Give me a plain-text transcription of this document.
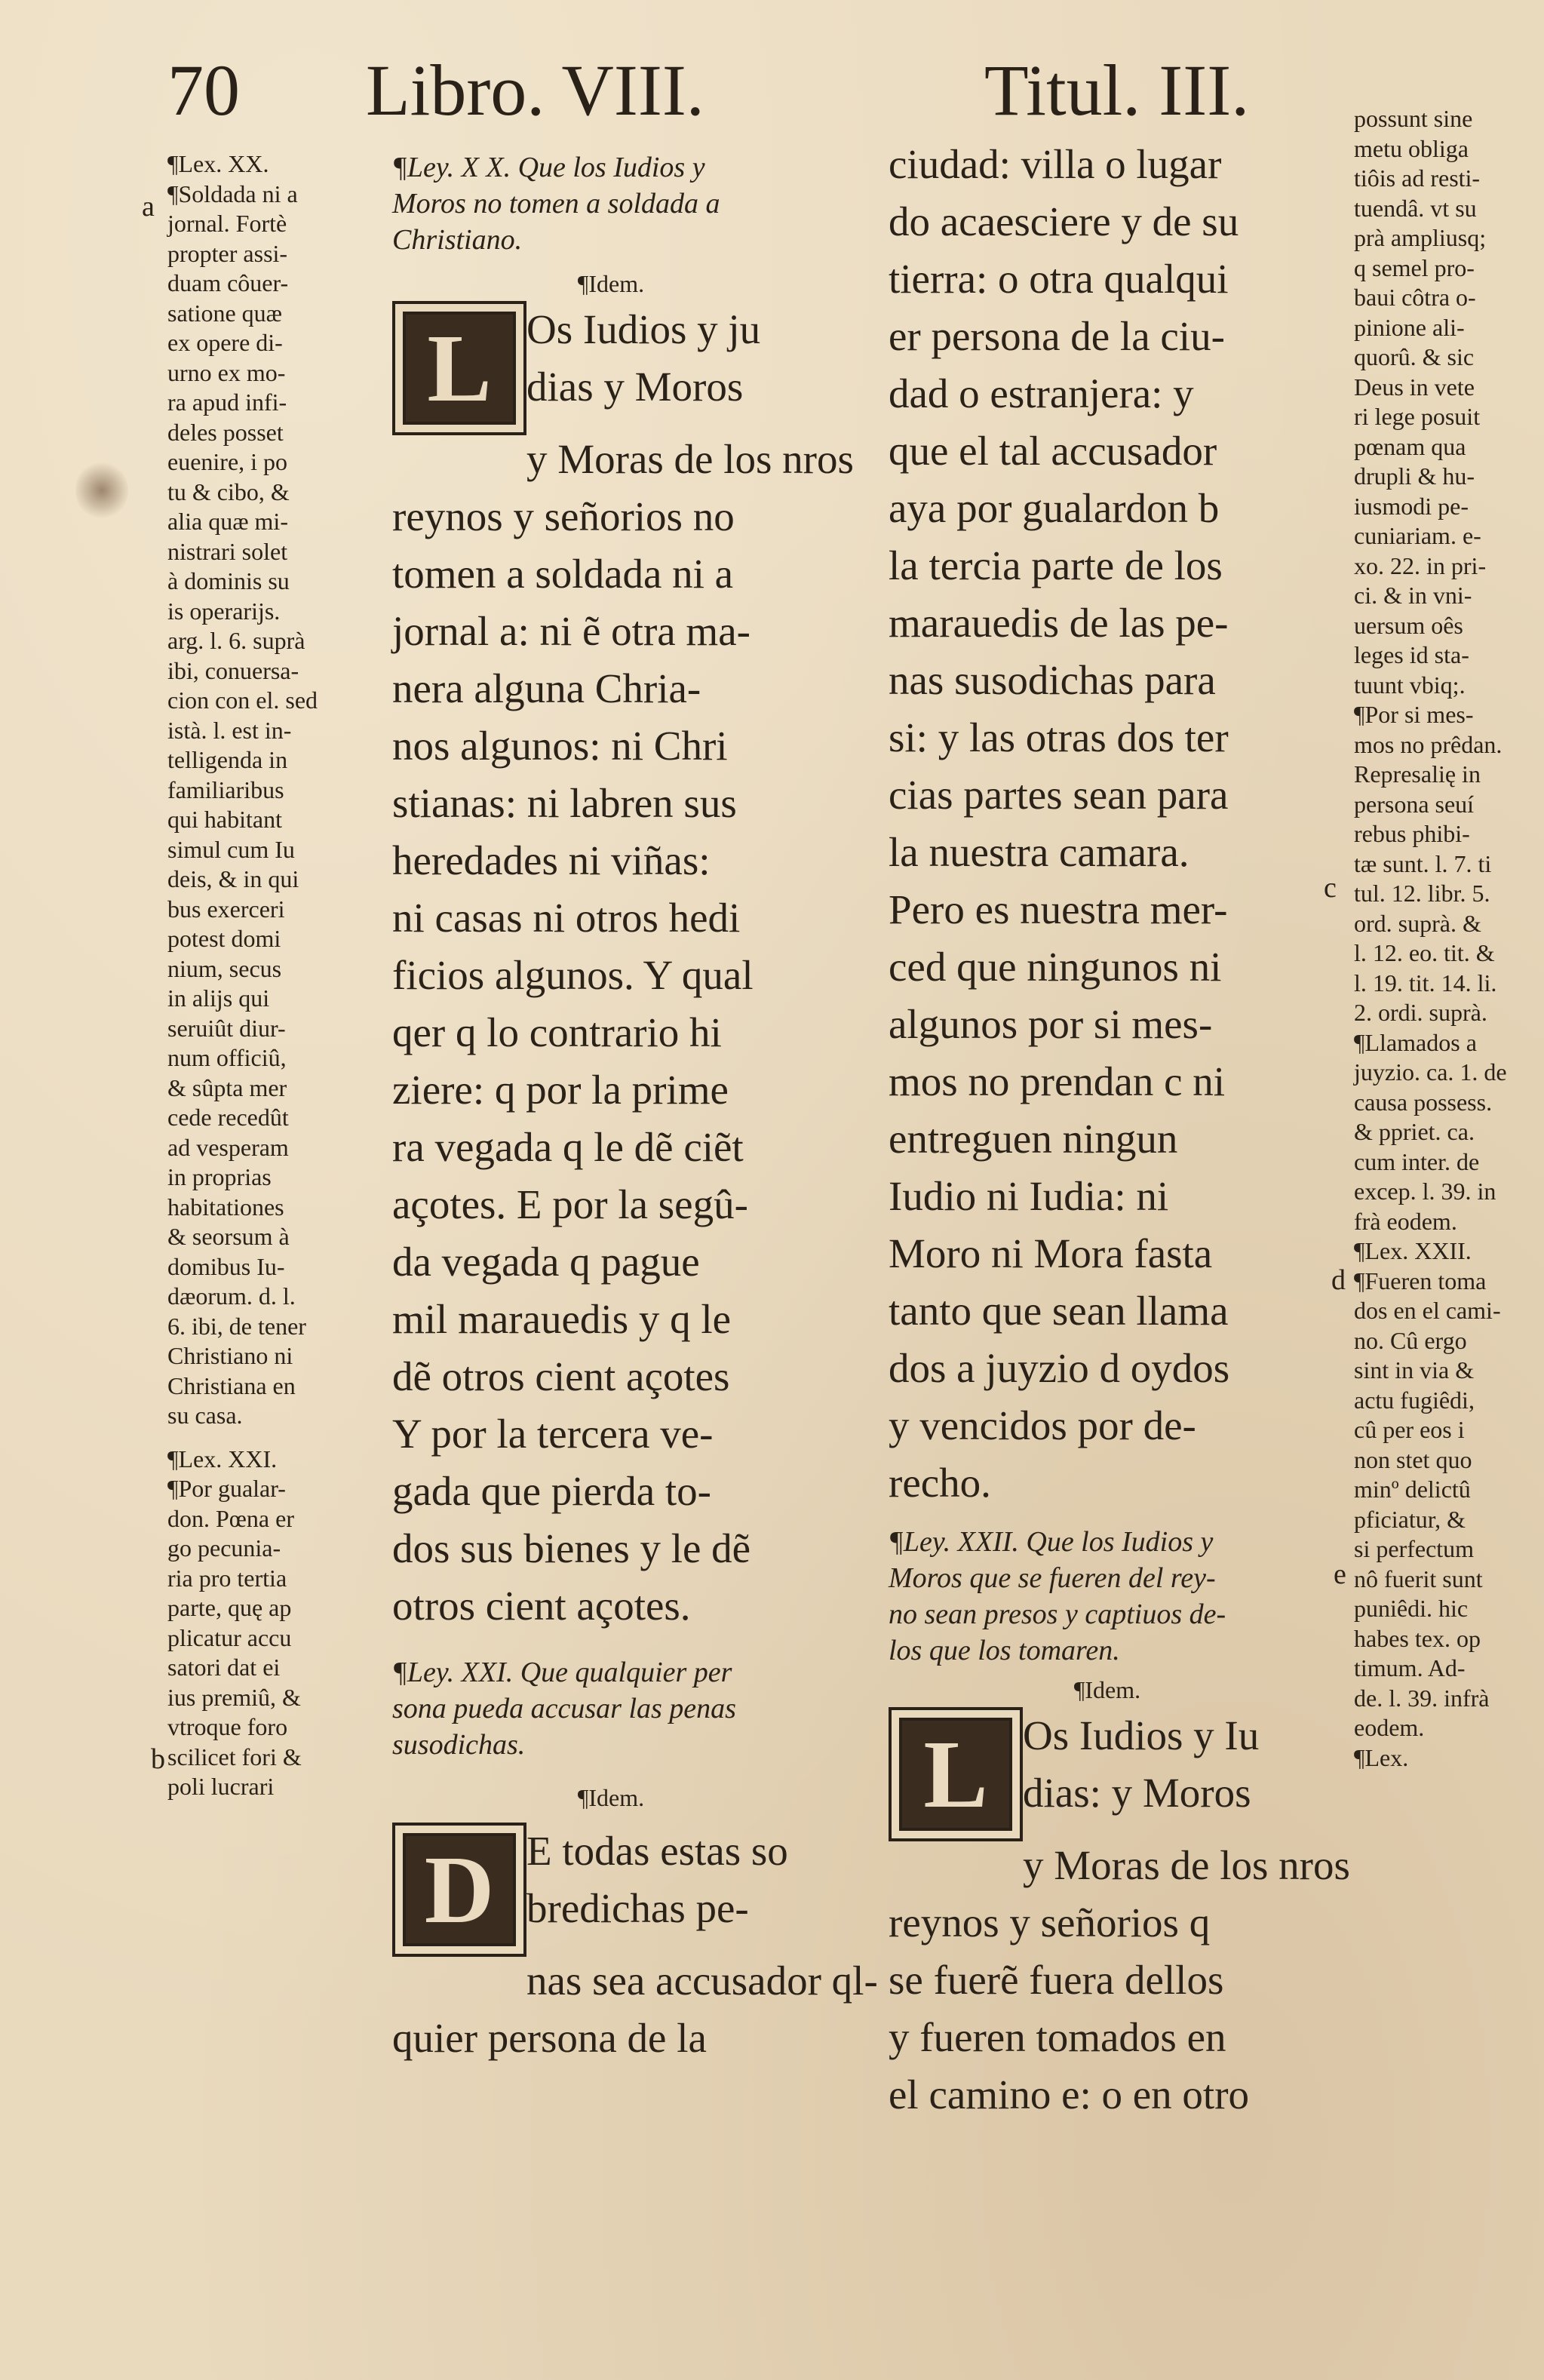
70 Libro. VIII.	Titul. III.
a
b
c
d
e
¶Lex. XX.
¶Soldada ni a
jornal. Fortè
propter assi-
duam côuer-
satione quæ
ex opere di-
urno ex mo-
ra apud infi-
deles posset
euenire, i po
tu & cibo, &
alia quæ mi-
nistrari solet
à dominis su
is operarijs.
arg. l. 6. suprà
ibi, conuersa-
cion con el. sed
istà. l. est in-
telligenda in
familiaribus
qui habitant
simul cum Iu
deis, & in qui
bus exerceri
potest domi
nium, secus
in alijs qui
seruiût diur-
num officiû,
& sûpta mer
cede recedût
ad vesperam
in proprias
habitationes
& seorsum à
domibus Iu-
dæorum. d. l.
6. ibi, de tener
Christiano ni
Christiana en
su casa.
¶Lex. XXI.
¶Por gualar-
don. Pœna er
go pecunia-
ria pro tertia
parte, quę ap
plicatur accu
satori dat ei
ius premiû, &
vtroque foro
scilicet fori &
poli lucrari
¶Ley. X X. Que los Iudios y
Moros no tomen a soldada a
Christiano.
¶Idem.
L Os Iudios y ju
dias y Moros
y Moras de los nros
reynos y señorios no
tomen a soldada ni a
jornal a: ni ẽ otra ma-
nera alguna Chria-
nos algunos: ni Chri
stianas: ni labren sus
heredades ni viñas:
ni casas ni otros hedi
ficios algunos. Y qual
qer q lo contrario hi
ziere: q por la prime
ra vegada q le dẽ ciẽt
açotes. E por la segû-
da vegada q pague
mil marauedis y q le
dẽ otros cient açotes
Y por la tercera ve-
gada que pierda to-
dos sus bienes y le dẽ
otros cient açotes.
¶Ley. XXI. Que qualquier per
sona pueda accusar las penas
susodichas.
¶Idem.
D E todas estas so
bredichas pe-
nas sea accusador ql-
quier persona de la
ciudad: villa o lugar
do acaesciere y de su
tierra: o otra qualqui
er persona de la ciu-
dad o estranjera: y
que el tal accusador
aya por gualardon b
la tercia parte de los
marauedis de las pe-
nas susodichas para
si: y las otras dos ter
cias partes sean para
la nuestra camara.
Pero es nuestra mer-
ced que ningunos ni
algunos por si mes-
mos no prendan c ni
entreguen ningun
Iudio ni Iudia: ni
Moro ni Mora fasta
tanto que sean llama
dos a juyzio d oydos
y vencidos por de-
recho.
¶Ley. XXII. Que los Iudios y
Moros que se fueren del rey-
no sean presos y captiuos de-
los que los tomaren.
¶Idem.
L Os Iudios y Iu
dias: y Moros
y Moras de los nros
reynos y señorios q
se fuerẽ fuera dellos
y fueren tomados en
el camino e: o en otro
possunt sine
metu obliga
tiôis ad resti-
tuendâ. vt su
prà ampliusq;
q semel pro-
baui côtra o-
pinione ali-
quorû. & sic
Deus in vete
ri lege posuit
pœnam qua
drupli & hu-
iusmodi pe-
cuniariam. e-
xo. 22. in pri-
ci. & in vni-
uersum oês
leges id sta-
tuunt vbiq;.
¶Por si mes-
mos no prêdan.
Represalię in
persona seuí
rebus phibi-
tæ sunt. l. 7. ti
tul. 12. libr. 5.
ord. suprà. &
l. 12. eo. tit. &
l. 19. tit. 14. li.
2. ordi. suprà.
¶Llamados a
juyzio. ca. 1. de
causa possess.
& ppriet. ca.
cum inter. de
excep. l. 39. in
frà eodem.
¶Lex. XXII.
¶Fueren toma
dos en el cami-
no. Cû ergo
sint in via &
actu fugiêdi,
cû per eos i
non stet quo
minº delictû
pficiatur, &
si perfectum
nô fuerit sunt
puniêdi. hic
habes tex. op
timum. Ad-
de. l. 39. infrà
eodem.
¶Lex.
